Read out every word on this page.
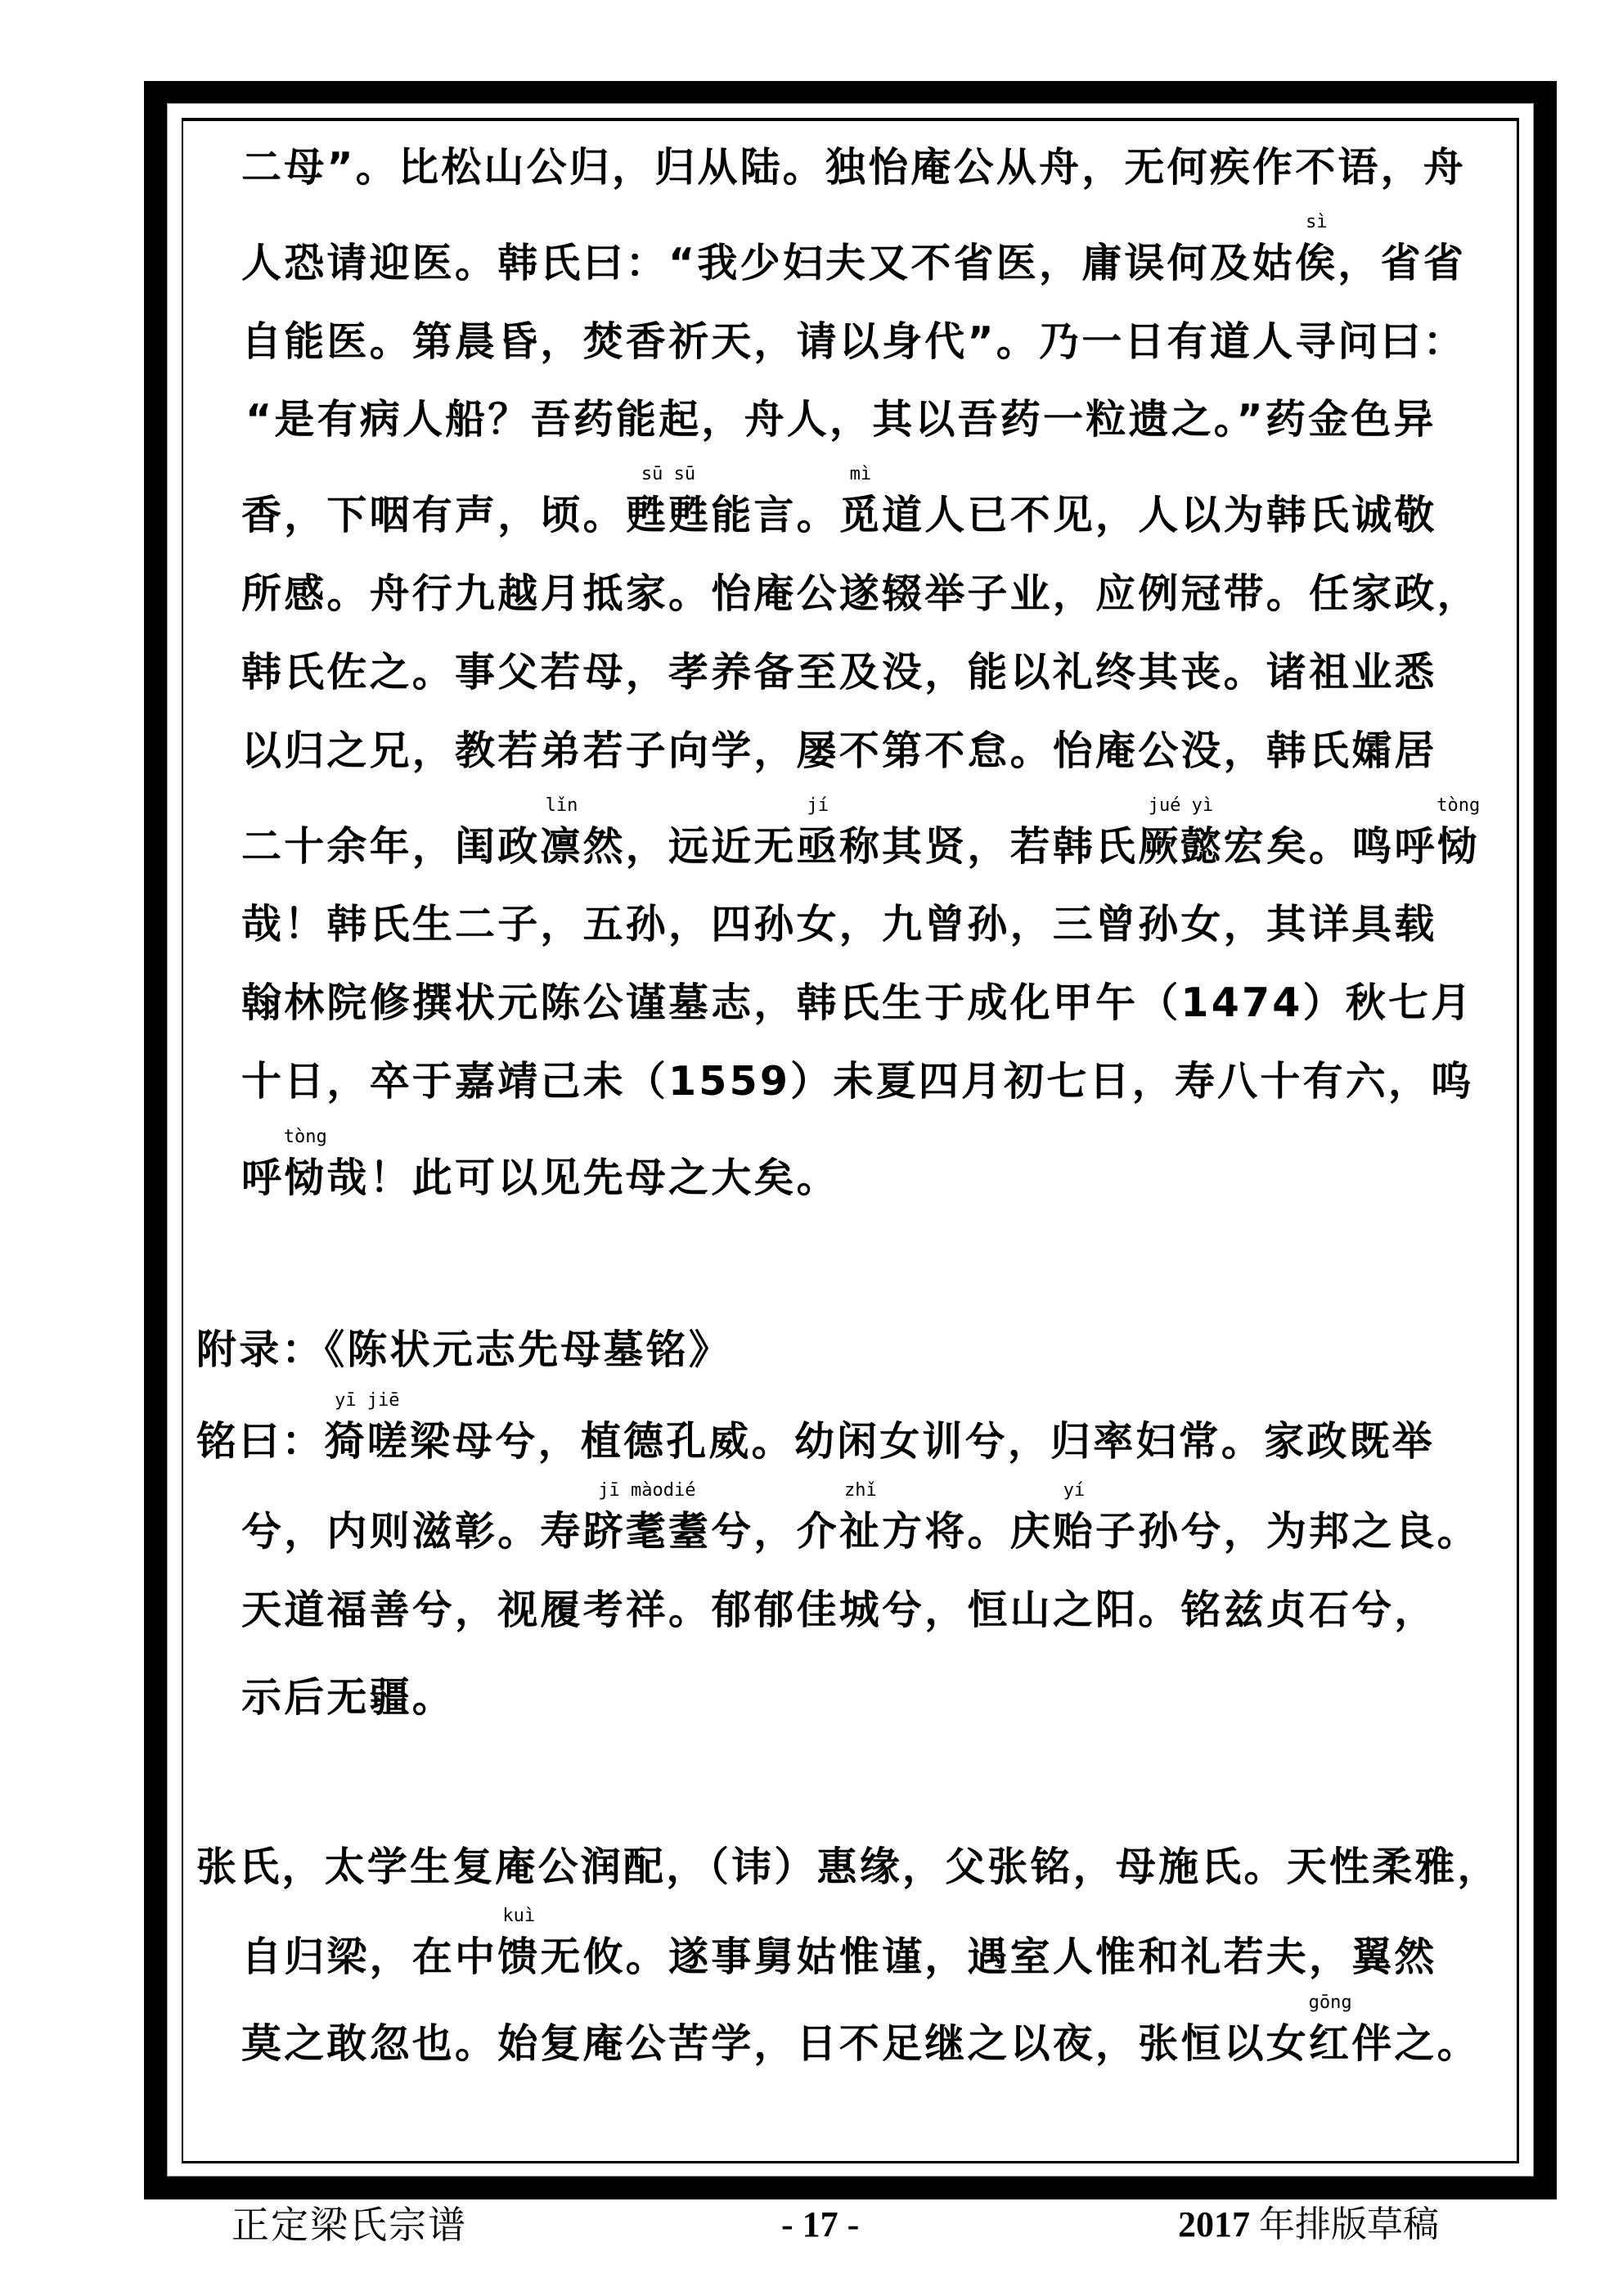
二母”。比松山公归，归从陆。独怡庵公从舟，无何疾作不语，舟
人恐请迎医。韩氏曰：“我少妇夫又不省医，庸误何及姑
sì
俟，省省
自能医。第晨昏，焚香祈天，请以身代”。乃一日有道人寻问曰：
“是有病人船？吾药能起，舟人，其以吾药一粒遗之。”药金色异
香，下咽有声，顷。
sū sū
甦甦能言。
mì
觅道人已不见，人以为韩氏诚敬
所感。舟行九越月抵家。怡庵公遂辍举子业，应例冠带。任家政，
韩氏佐之。事父若母，孝养备至及没，能以礼终其丧。诸祖业悉
以归之兄，教若弟若子向学，屡不第不怠。怡庵公没，韩氏孀居
二十余年，闺政
lǐn
凛然，远近无
jí
亟称其贤，若韩氏
jué yì
厥懿宏矣。鸣呼
tòng
恸
哉！韩氏生二子，五孙，四孙女，九曾孙，三曾孙女，其详具载
翰林院修撰状元陈公谨墓志，韩氏生于成化甲午（1474）秋七月
十日，卒于嘉靖己未（1559）未夏四月初七日，寿八十有六，呜
呼
tòng
恸哉！此可以见先母之大矣。
附录：《陈状元志先母墓铭》
铭曰：
yī jiē
猗嗟梁母兮，植德孔威。幼闲女训兮，归率妇常。家政既举
兮，内则滋彰。寿
jī màodié
跻耄耋兮，介
zhǐ
祉方将。庆
yí
贻子孙兮，为邦之良。
天道福善兮，视履考祥。郁郁佳城兮，恒山之阳。铭兹贞石兮，
示后无疆。
张氏，太学生复庵公润配，（讳）惠缘，父张铭，母施氏。天性柔雅，
自归梁，在中
kuì
馈无攸。遂事舅姑惟谨，遇室人惟和礼若夫，翼然
莫之敢忽也。始复庵公苦学，日不足继之以夜，张恒以女
gōng
红伴之。
正定梁氏宗谱	- 17 -	2017 年排版草稿
